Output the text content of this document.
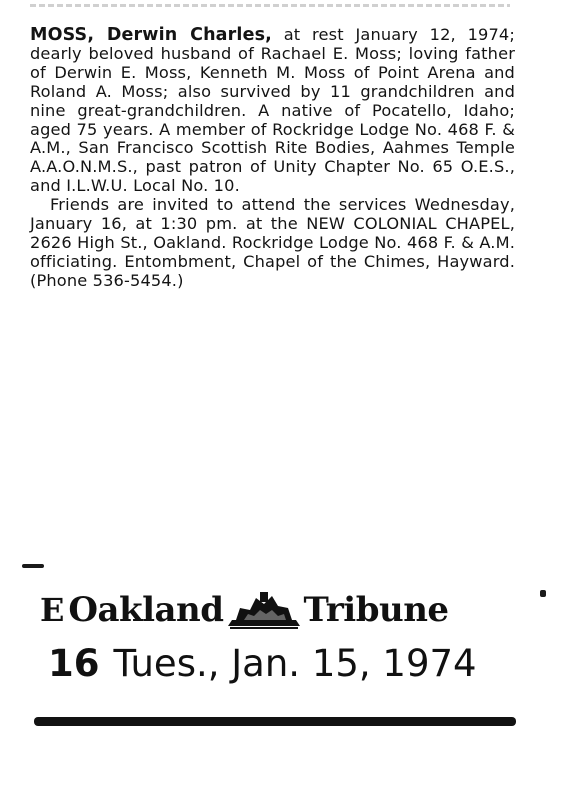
MOSS, Derwin Charles, at rest January 12, 1974; dearly beloved husband of Rachael E. Moss; loving father of Derwin E. Moss, Kenneth M. Moss of Point Arena and Roland A. Moss; also survived by 11 grandchildren and nine great-grandchildren. A native of Pocatello, Idaho; aged 75 years. A member of Rockridge Lodge No. 468 F. & A.M., San Francisco Scottish Rite Bodies, Aahmes Temple A.A.O.N.M.S., past patron of Unity Chapter No. 65 O.E.S., and I.L.W.U. Local No. 10.

Friends are invited to attend the services Wednesday, January 16, at 1:30 pm. at the NEW COLONIAL CHAPEL, 2626 High St., Oakland. Rockridge Lodge No. 468 F. & A.M. officiating. Entombment, Chapel of the Chimes, Hayward. (Phone 536-5454.)

E Oakland Tribune
16 Tues., Jan. 15, 1974
